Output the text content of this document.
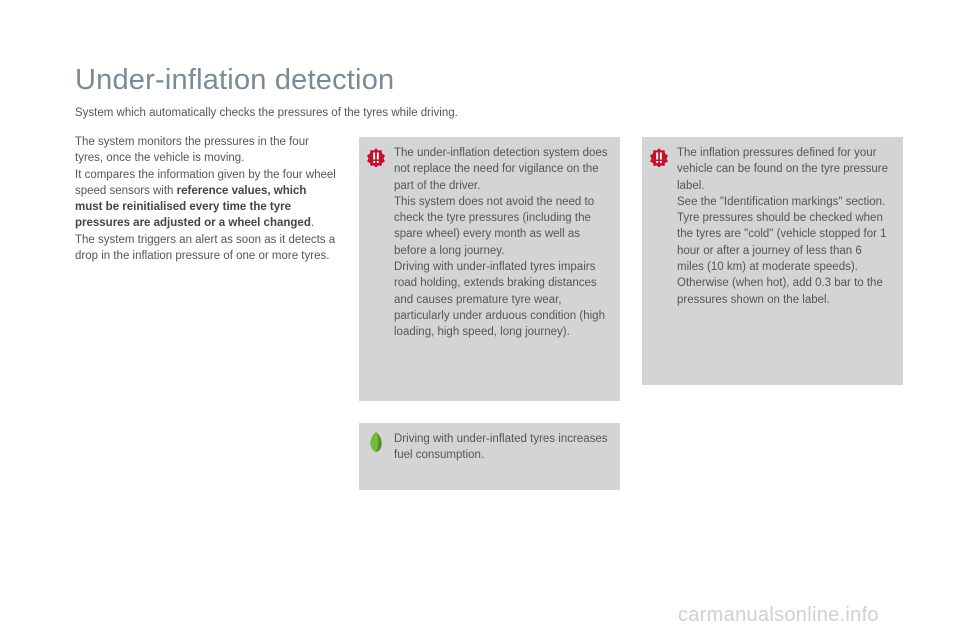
Under-inflation detection

System which automatically checks the pressures of the tyres while driving.

The system monitors the pressures in the four tyres, once the vehicle is moving.

It compares the information given by the four wheel speed sensors with reference values, which must be reinitialised every time the tyre pressures are adjusted or a wheel changed.

The system triggers an alert as soon as it detects a drop in the inflation pressure of one or more tyres.

The under-inflation detection system does not replace the need for vigilance on the part of the driver.

This system does not avoid the need to check the tyre pressures (including the spare wheel) every month as well as before a long journey.

Driving with under-inflated tyres impairs road holding, extends braking distances and causes premature tyre wear, particularly under arduous condition (high loading, high speed, long journey).

The inflation pressures defined for your vehicle can be found on the tyre pressure label.

See the "Identification markings" section.

Tyre pressures should be checked when the tyres are "cold" (vehicle stopped for 1 hour or after a journey of less than 6 miles (10 km) at moderate speeds).

Otherwise (when hot), add 0.3 bar to the pressures shown on the label.

Driving with under-inflated tyres increases fuel consumption.
carmanualsonline.info
